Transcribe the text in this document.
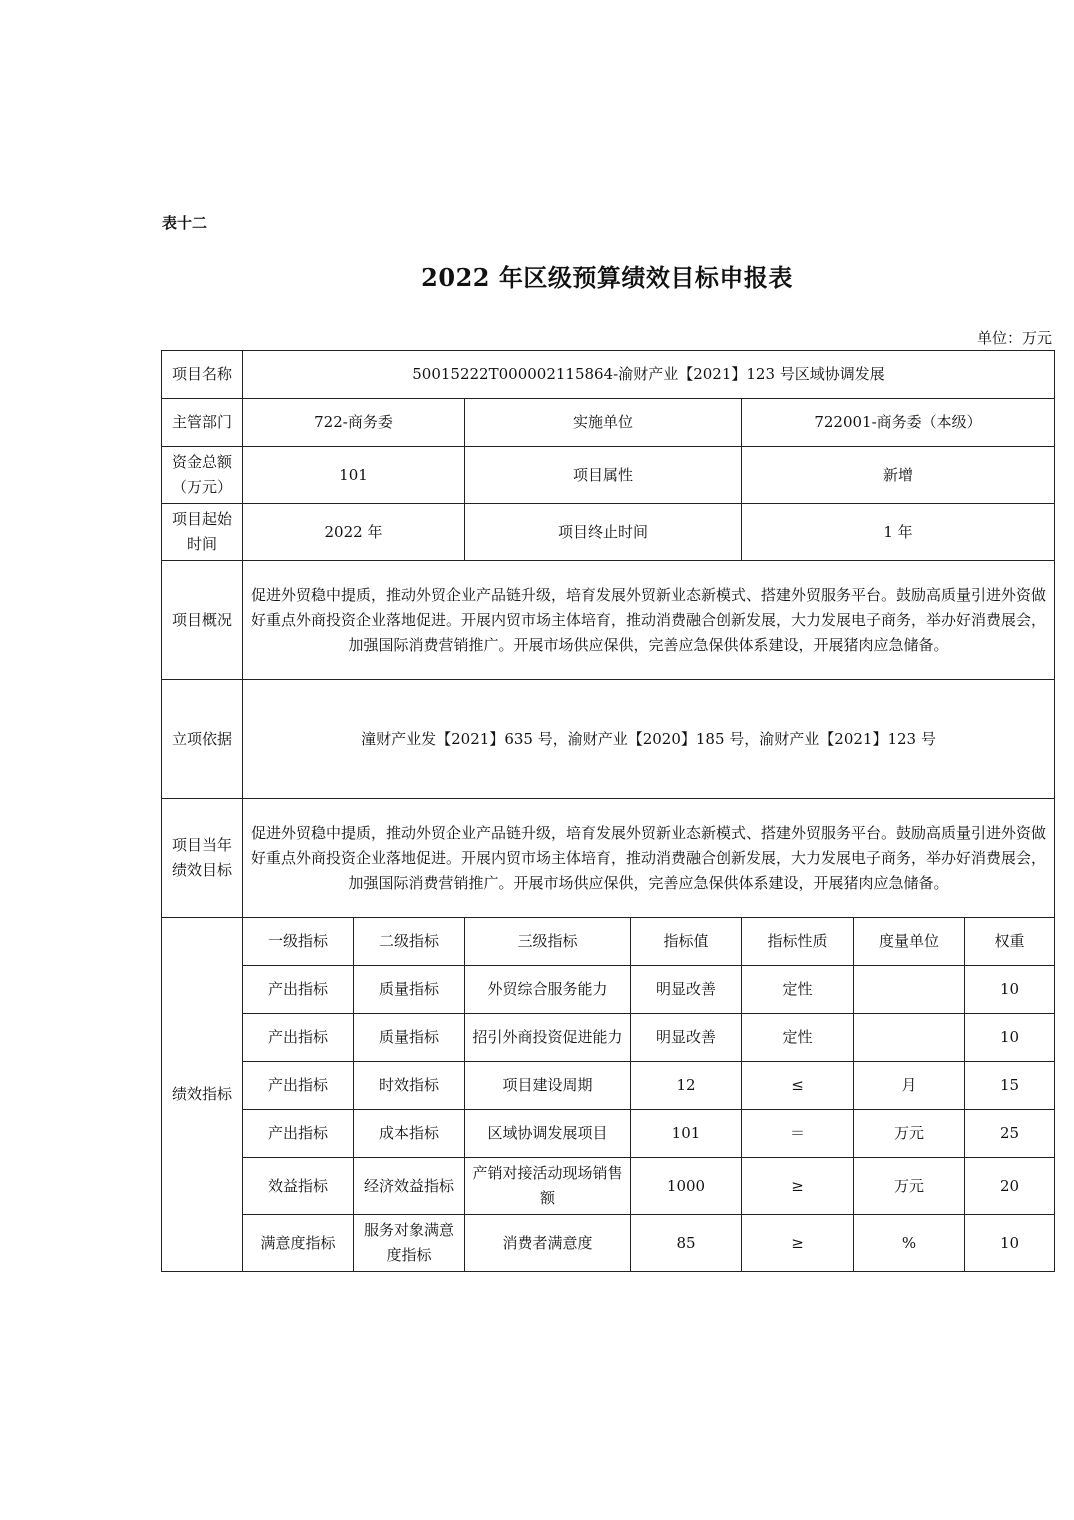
表十二
2022 年区级预算绩效目标申报表
单位：万元
项目名称	50015222T000002115864-渝财产业【2021】123 号区域协调发展						
主管部门	722-商务委		实施单位		722001-商务委（本级）		
资金总额（万元）	101		项目属性		新增		
项目起始时间	2022 年		项目终止时间		1 年		
项目概况	促进外贸稳中提质，推动外贸企业产品链升级，培育发展外贸新业态新模式、搭建外贸服务平台。鼓励高质量引进外资做好重点外商投资企业落地促进。开展内贸市场主体培育，推动消费融合创新发展，大力发展电子商务，举办好消费展会，加强国际消费营销推广。开展市场供应保供，完善应急保供体系建设，开展猪肉应急储备。						
立项依据	潼财产业发【2021】635 号，渝财产业【2020】185 号，渝财产业【2021】123 号						
项目当年绩效目标	促进外贸稳中提质，推动外贸企业产品链升级，培育发展外贸新业态新模式、搭建外贸服务平台。鼓励高质量引进外资做好重点外商投资企业落地促进。开展内贸市场主体培育，推动消费融合创新发展，大力发展电子商务，举办好消费展会，加强国际消费营销推广。开展市场供应保供，完善应急保供体系建设，开展猪肉应急储备。						
绩效指标	一级指标	二级指标	三级指标	指标值	指标性质	度量单位	权重
	产出指标	质量指标	外贸综合服务能力	明显改善	定性		10
	产出指标	质量指标	招引外商投资促进能力	明显改善	定性		10
	产出指标	时效指标	项目建设周期	12	≤	月	15
	产出指标	成本指标	区域协调发展项目	101	＝	万元	25
	效益指标	经济效益指标	产销对接活动现场销售额	1000	≥	万元	20
	满意度指标	服务对象满意度指标	消费者满意度	85	≥	%	10
